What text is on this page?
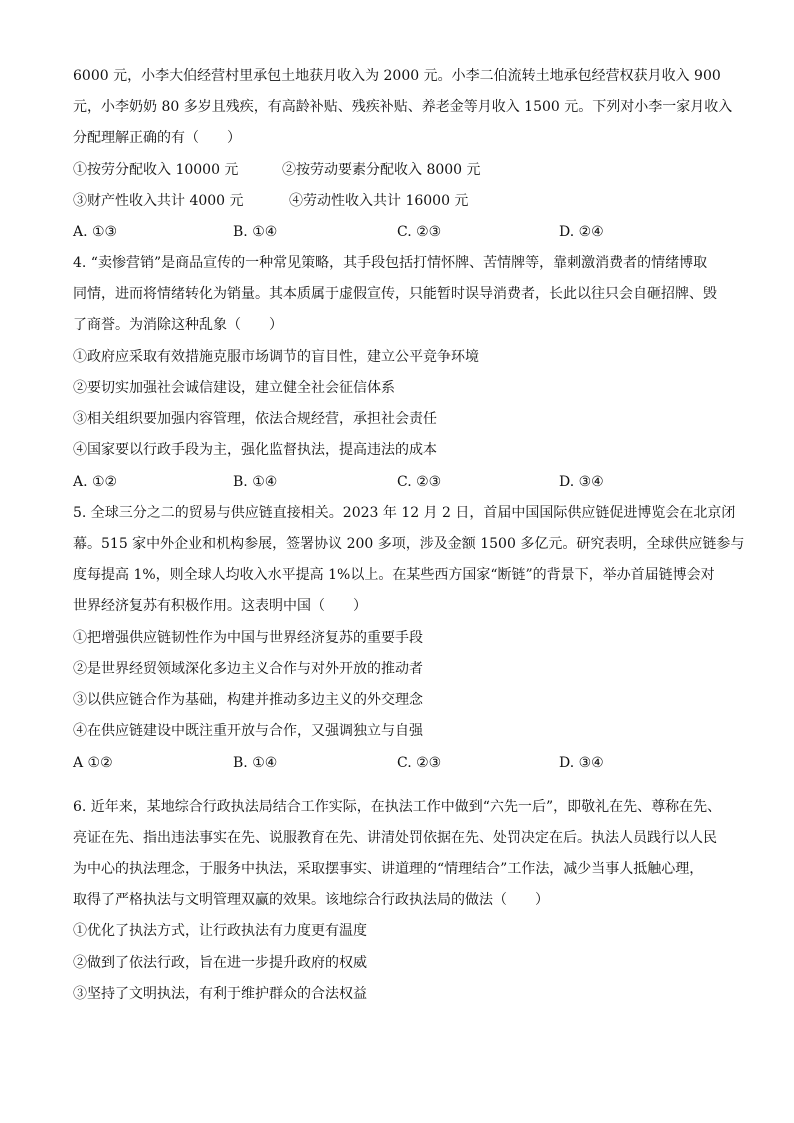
6000 元，小李大伯经营村里承包土地获月收入为 2000 元。小李二伯流转土地承包经营权获月收入 900
元，小李奶奶 80 多岁且残疾，有高龄补贴、残疾补贴、养老金等月收入 1500 元。下列对小李一家月收入
分配理解正确的有（　　）
①按劳分配收入 10000 元	②按劳动要素分配收入 8000 元
③财产性收入共计 4000 元	④劳动性收入共计 16000 元
A. ①③	B. ①④	C. ②③	D. ②④
4. “卖惨营销”是商品宣传的一种常见策略，其手段包括打情怀牌、苦情牌等，靠刺激消费者的情绪博取
同情，进而将情绪转化为销量。其本质属于虚假宣传，只能暂时误导消费者，长此以往只会自砸招牌、毁
了商誉。为消除这种乱象（　　）
①政府应采取有效措施克服市场调节的盲目性，建立公平竞争环境
②要切实加强社会诚信建设，建立健全社会征信体系
③相关组织要加强内容管理，依法合规经营，承担社会责任
④国家要以行政手段为主，强化监督执法，提高违法的成本
A. ①②	B. ①④	C. ②③	D. ③④
5. 全球三分之二的贸易与供应链直接相关。2023 年 12 月 2 日，首届中国国际供应链促进博览会在北京闭
幕。515 家中外企业和机构参展，签署协议 200 多项，涉及金额 1500 多亿元。研究表明，全球供应链参与
度每提高 1%，则全球人均收入水平提高 1%以上。在某些西方国家“断链”的背景下，举办首届链博会对
世界经济复苏有积极作用。这表明中国（　　）
①把增强供应链韧性作为中国与世界经济复苏的重要手段
②是世界经贸领域深化多边主义合作与对外开放的推动者
③以供应链合作为基础，构建并推动多边主义的外交理念
④在供应链建设中既注重开放与合作，又强调独立与自强
A ①②	B. ①④	C. ②③	D. ③④
6. 近年来，某地综合行政执法局结合工作实际，在执法工作中做到“六先一后”，即敬礼在先、尊称在先、
亮证在先、指出违法事实在先、说服教育在先、讲清处罚依据在先、处罚决定在后。执法人员践行以人民
为中心的执法理念，于服务中执法，采取摆事实、讲道理的“情理结合”工作法，减少当事人抵触心理，
取得了严格执法与文明管理双赢的效果。该地综合行政执法局的做法（　　）
①优化了执法方式，让行政执法有力度更有温度
②做到了依法行政，旨在进一步提升政府的权威
③坚持了文明执法，有利于维护群众的合法权益
